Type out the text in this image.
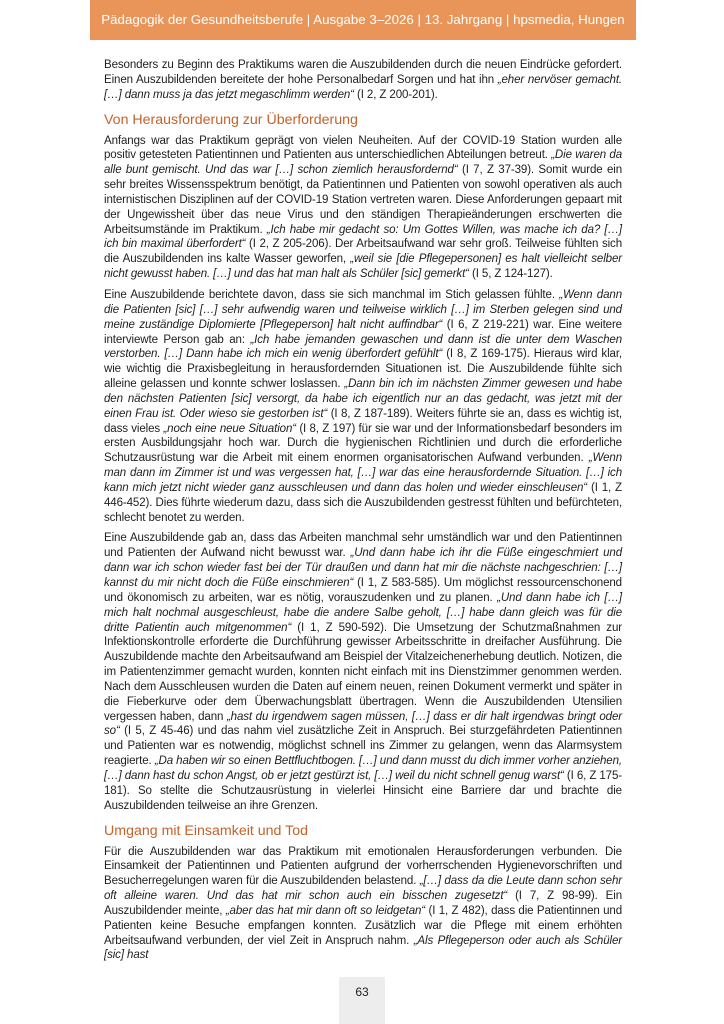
Pädagogik der Gesundheitsberufe | Ausgabe 3–2026 | 13. Jahrgang | hpsmedia, Hungen

Besonders zu Beginn des Praktikums waren die Auszubildenden durch die neuen Eindrücke gefordert. Einen Auszubildenden bereitete der hohe Personalbedarf Sorgen und hat ihn „eher nervöser gemacht. […] dann muss ja das jetzt megaschlimm werden“ (I 2, Z 200-201).

Von Herausforderung zur Überforderung

Anfangs war das Praktikum geprägt von vielen Neuheiten. Auf der COVID-19 Station wurden alle positiv getesteten Patientinnen und Patienten aus unterschiedlichen Abteilungen betreut. „Die waren da alle bunt gemischt. Und das war […] schon ziemlich herausfordernd“ (I 7, Z 37-39). Somit wurde ein sehr breites Wissensspektrum benötigt, da Patientinnen und Patienten von sowohl operativen als auch internistischen Disziplinen auf der COVID-19 Station vertreten waren. Diese Anforderungen gepaart mit der Ungewissheit über das neue Virus und den ständigen Therapieänderungen erschwerten die Arbeitsumstände im Praktikum. „Ich habe mir gedacht so: Um Gottes Willen, was mache ich da? […] ich bin maximal überfordert“ (I 2, Z 205-206). Der Arbeitsaufwand war sehr groß. Teilweise fühlten sich die Auszubildenden ins kalte Wasser geworfen, „weil sie [die Pflegepersonen] es halt vielleicht selber nicht gewusst haben. […] und das hat man halt als Schüler [sic] gemerkt“ (I 5, Z 124-127).

Eine Auszubildende berichtete davon, dass sie sich manchmal im Stich gelassen fühlte. „Wenn dann die Patienten [sic] […] sehr aufwendig waren und teilweise wirklich […] im Sterben gelegen sind und meine zuständige Diplomierte [Pflegeperson] halt nicht auffindbar“ (I 6, Z 219-221) war. Eine weitere interviewte Person gab an: „Ich habe jemanden gewaschen und dann ist die unter dem Waschen verstorben. […] Dann habe ich mich ein wenig überfordert gefühlt“ (I 8, Z 169-175). Hieraus wird klar, wie wichtig die Praxisbegleitung in herausfordernden Situationen ist. Die Auszubildende fühlte sich alleine gelassen und konnte schwer loslassen. „Dann bin ich im nächsten Zimmer gewesen und habe den nächsten Patienten [sic] versorgt, da habe ich eigentlich nur an das gedacht, was jetzt mit der einen Frau ist. Oder wieso sie gestorben ist“ (I 8, Z 187-189). Weiters führte sie an, dass es wichtig ist, dass vieles „noch eine neue Situation“ (I 8, Z 197) für sie war und der Informationsbedarf besonders im ersten Ausbildungsjahr hoch war. Durch die hygienischen Richtlinien und durch die erforderliche Schutzausrüstung war die Arbeit mit einem enormen organisatorischen Aufwand verbunden. „Wenn man dann im Zimmer ist und was vergessen hat, […] war das eine herausfordernde Situation. […] ich kann mich jetzt nicht wieder ganz ausschleusen und dann das holen und wieder einschleusen“ (I 1, Z 446-452). Dies führte wiederum dazu, dass sich die Auszubildenden gestresst fühlten und befürchteten, schlecht benotet zu werden.

Eine Auszubildende gab an, dass das Arbeiten manchmal sehr umständlich war und den Patientinnen und Patienten der Aufwand nicht bewusst war. „Und dann habe ich ihr die Füße eingeschmiert und dann war ich schon wieder fast bei der Tür draußen und dann hat mir die nächste nachgeschrien: […] kannst du mir nicht doch die Füße einschmieren“ (I 1, Z 583-585). Um möglichst ressourcenschonend und ökonomisch zu arbeiten, war es nötig, vorauszudenken und zu planen. „Und dann habe ich […] mich halt nochmal ausgeschleust, habe die andere Salbe geholt, […] habe dann gleich was für die dritte Patientin auch mitgenommen“ (I 1, Z 590-592). Die Umsetzung der Schutzmaßnahmen zur Infektionskontrolle erforderte die Durchführung gewisser Arbeitsschritte in dreifacher Ausführung. Die Auszubildende machte den Arbeitsaufwand am Beispiel der Vitalzeichenerhebung deutlich. Notizen, die im Patientenzimmer gemacht wurden, konnten nicht einfach mit ins Dienstzimmer genommen werden. Nach dem Ausschleusen wurden die Daten auf einem neuen, reinen Dokument vermerkt und später in die Fieberkurve oder dem Überwachungsblatt übertragen. Wenn die Auszubildenden Utensilien vergessen haben, dann „hast du irgendwem sagen müssen, […] dass er dir halt irgendwas bringt oder so“ (I 5, Z 45-46) und das nahm viel zusätzliche Zeit in Anspruch. Bei sturzgefährdeten Patientinnen und Patienten war es notwendig, möglichst schnell ins Zimmer zu gelangen, wenn das Alarmsystem reagierte. „Da haben wir so einen Bettfluchtbogen. […] und dann musst du dich immer vorher anziehen, […] dann hast du schon Angst, ob er jetzt gestürzt ist, […] weil du nicht schnell genug warst“ (I 6, Z 175-181). So stellte die Schutzausrüstung in vielerlei Hinsicht eine Barriere dar und brachte die Auszubildenden teilweise an ihre Grenzen.

Umgang mit Einsamkeit und Tod

Für die Auszubildenden war das Praktikum mit emotionalen Herausforderungen verbunden. Die Einsamkeit der Patientinnen und Patienten aufgrund der vorherrschenden Hygienevorschriften und Besucherregelungen waren für die Auszubildenden belastend. „[…] dass da die Leute dann schon sehr oft alleine waren. Und das hat mir schon auch ein bisschen zugesetzt“ (I 7, Z 98-99). Ein Auszubildender meinte, „aber das hat mir dann oft so leidgetan“ (I 1, Z 482), dass die Patientinnen und Patienten keine Besuche empfangen konnten. Zusätzlich war die Pflege mit einem erhöhten Arbeitsaufwand verbunden, der viel Zeit in Anspruch nahm. „Als Pflegeperson oder auch als Schüler [sic] hast

63
